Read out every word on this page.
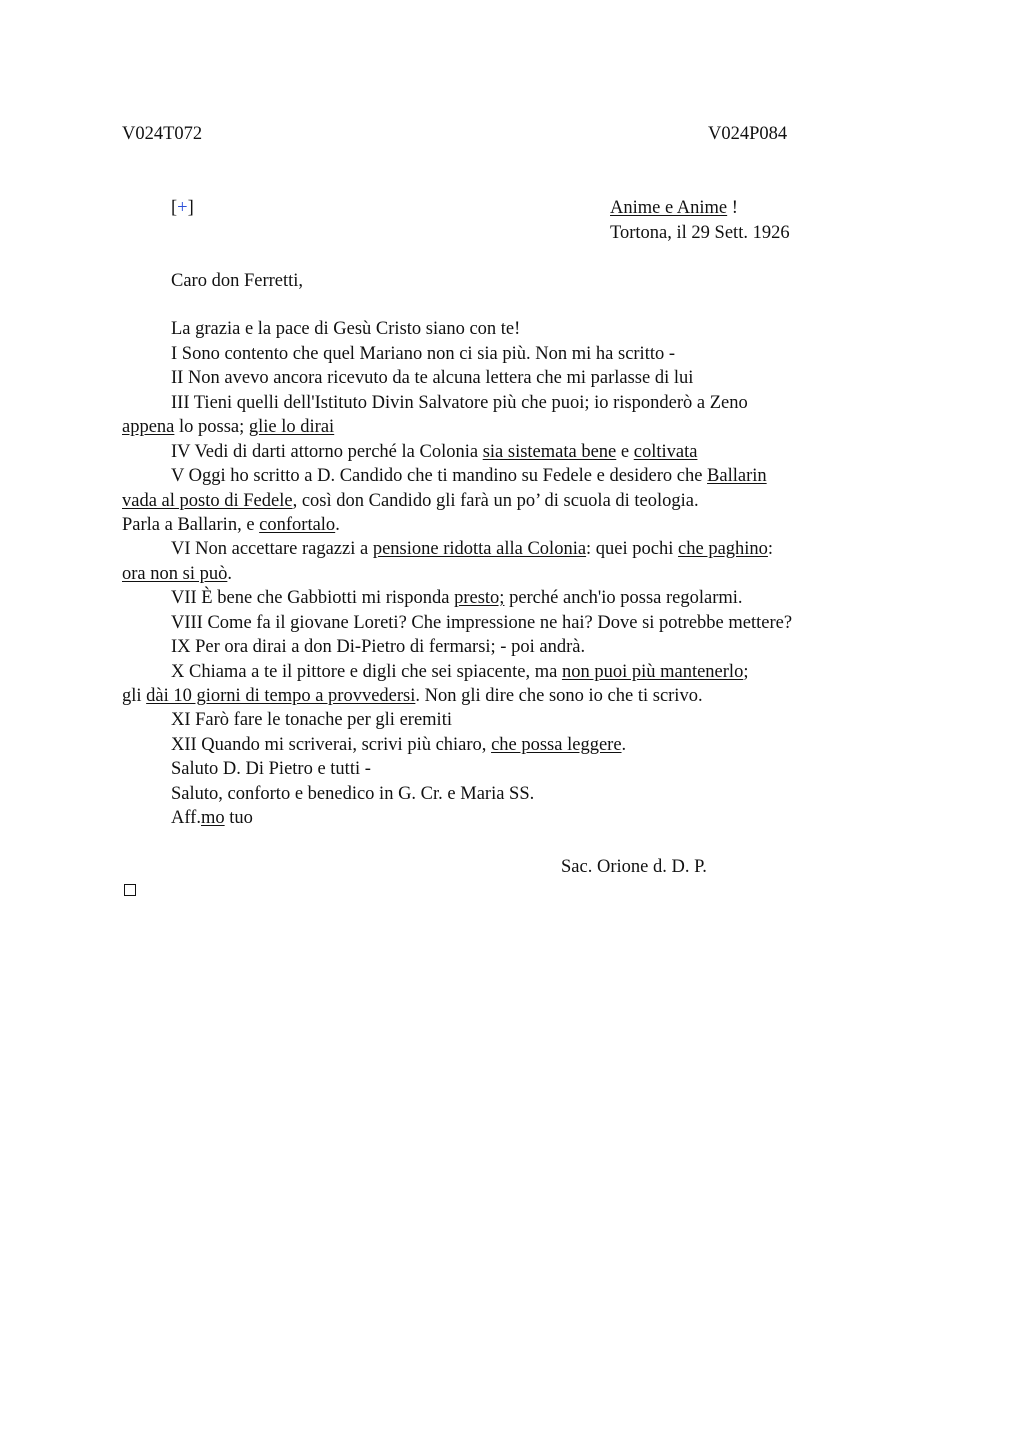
V024T072	V024P084
[+]	Anime e Anime !
Tortona, il 29 Sett. 1926
Caro don Ferretti,
La grazia e la pace di Gesù Cristo siano con te!
I Sono contento che quel Mariano non ci sia più. Non mi ha scritto -
II Non avevo ancora ricevuto da te alcuna lettera che mi parlasse di lui
III Tieni quelli dell'Istituto Divin Salvatore più che puoi; io risponderò a Zeno
appena lo possa; glie lo dirai
IV Vedi di darti attorno perché la Colonia sia sistemata bene e coltivata
V Oggi ho scritto a D. Candido che ti mandino su Fedele e desidero che Ballarin
vada al posto di Fedele, così don Candido gli farà un po’ di scuola di teologia.
Parla a Ballarin, e confortalo.
VI Non accettare ragazzi a pensione ridotta alla Colonia: quei pochi che paghino:
ora non si può.
VII È bene che Gabbiotti mi risponda presto; perché anch'io possa regolarmi.
VIII Come fa il giovane Loreti? Che impressione ne hai? Dove si potrebbe mettere?
IX Per ora dirai a don Di-Pietro di fermarsi; - poi andrà.
X Chiama a te il pittore e digli che sei spiacente, ma non puoi più mantenerlo;
gli dài 10 giorni di tempo a provvedersi. Non gli dire che sono io che ti scrivo.
XI Farò fare le tonache per gli eremiti
XII Quando mi scriverai, scrivi più chiaro, che possa leggere.
Saluto D. Di Pietro e tutti -
Saluto, conforto e benedico in G. Cr. e Maria SS.
Aff.mo tuo
Sac. Orione d. D. P.
